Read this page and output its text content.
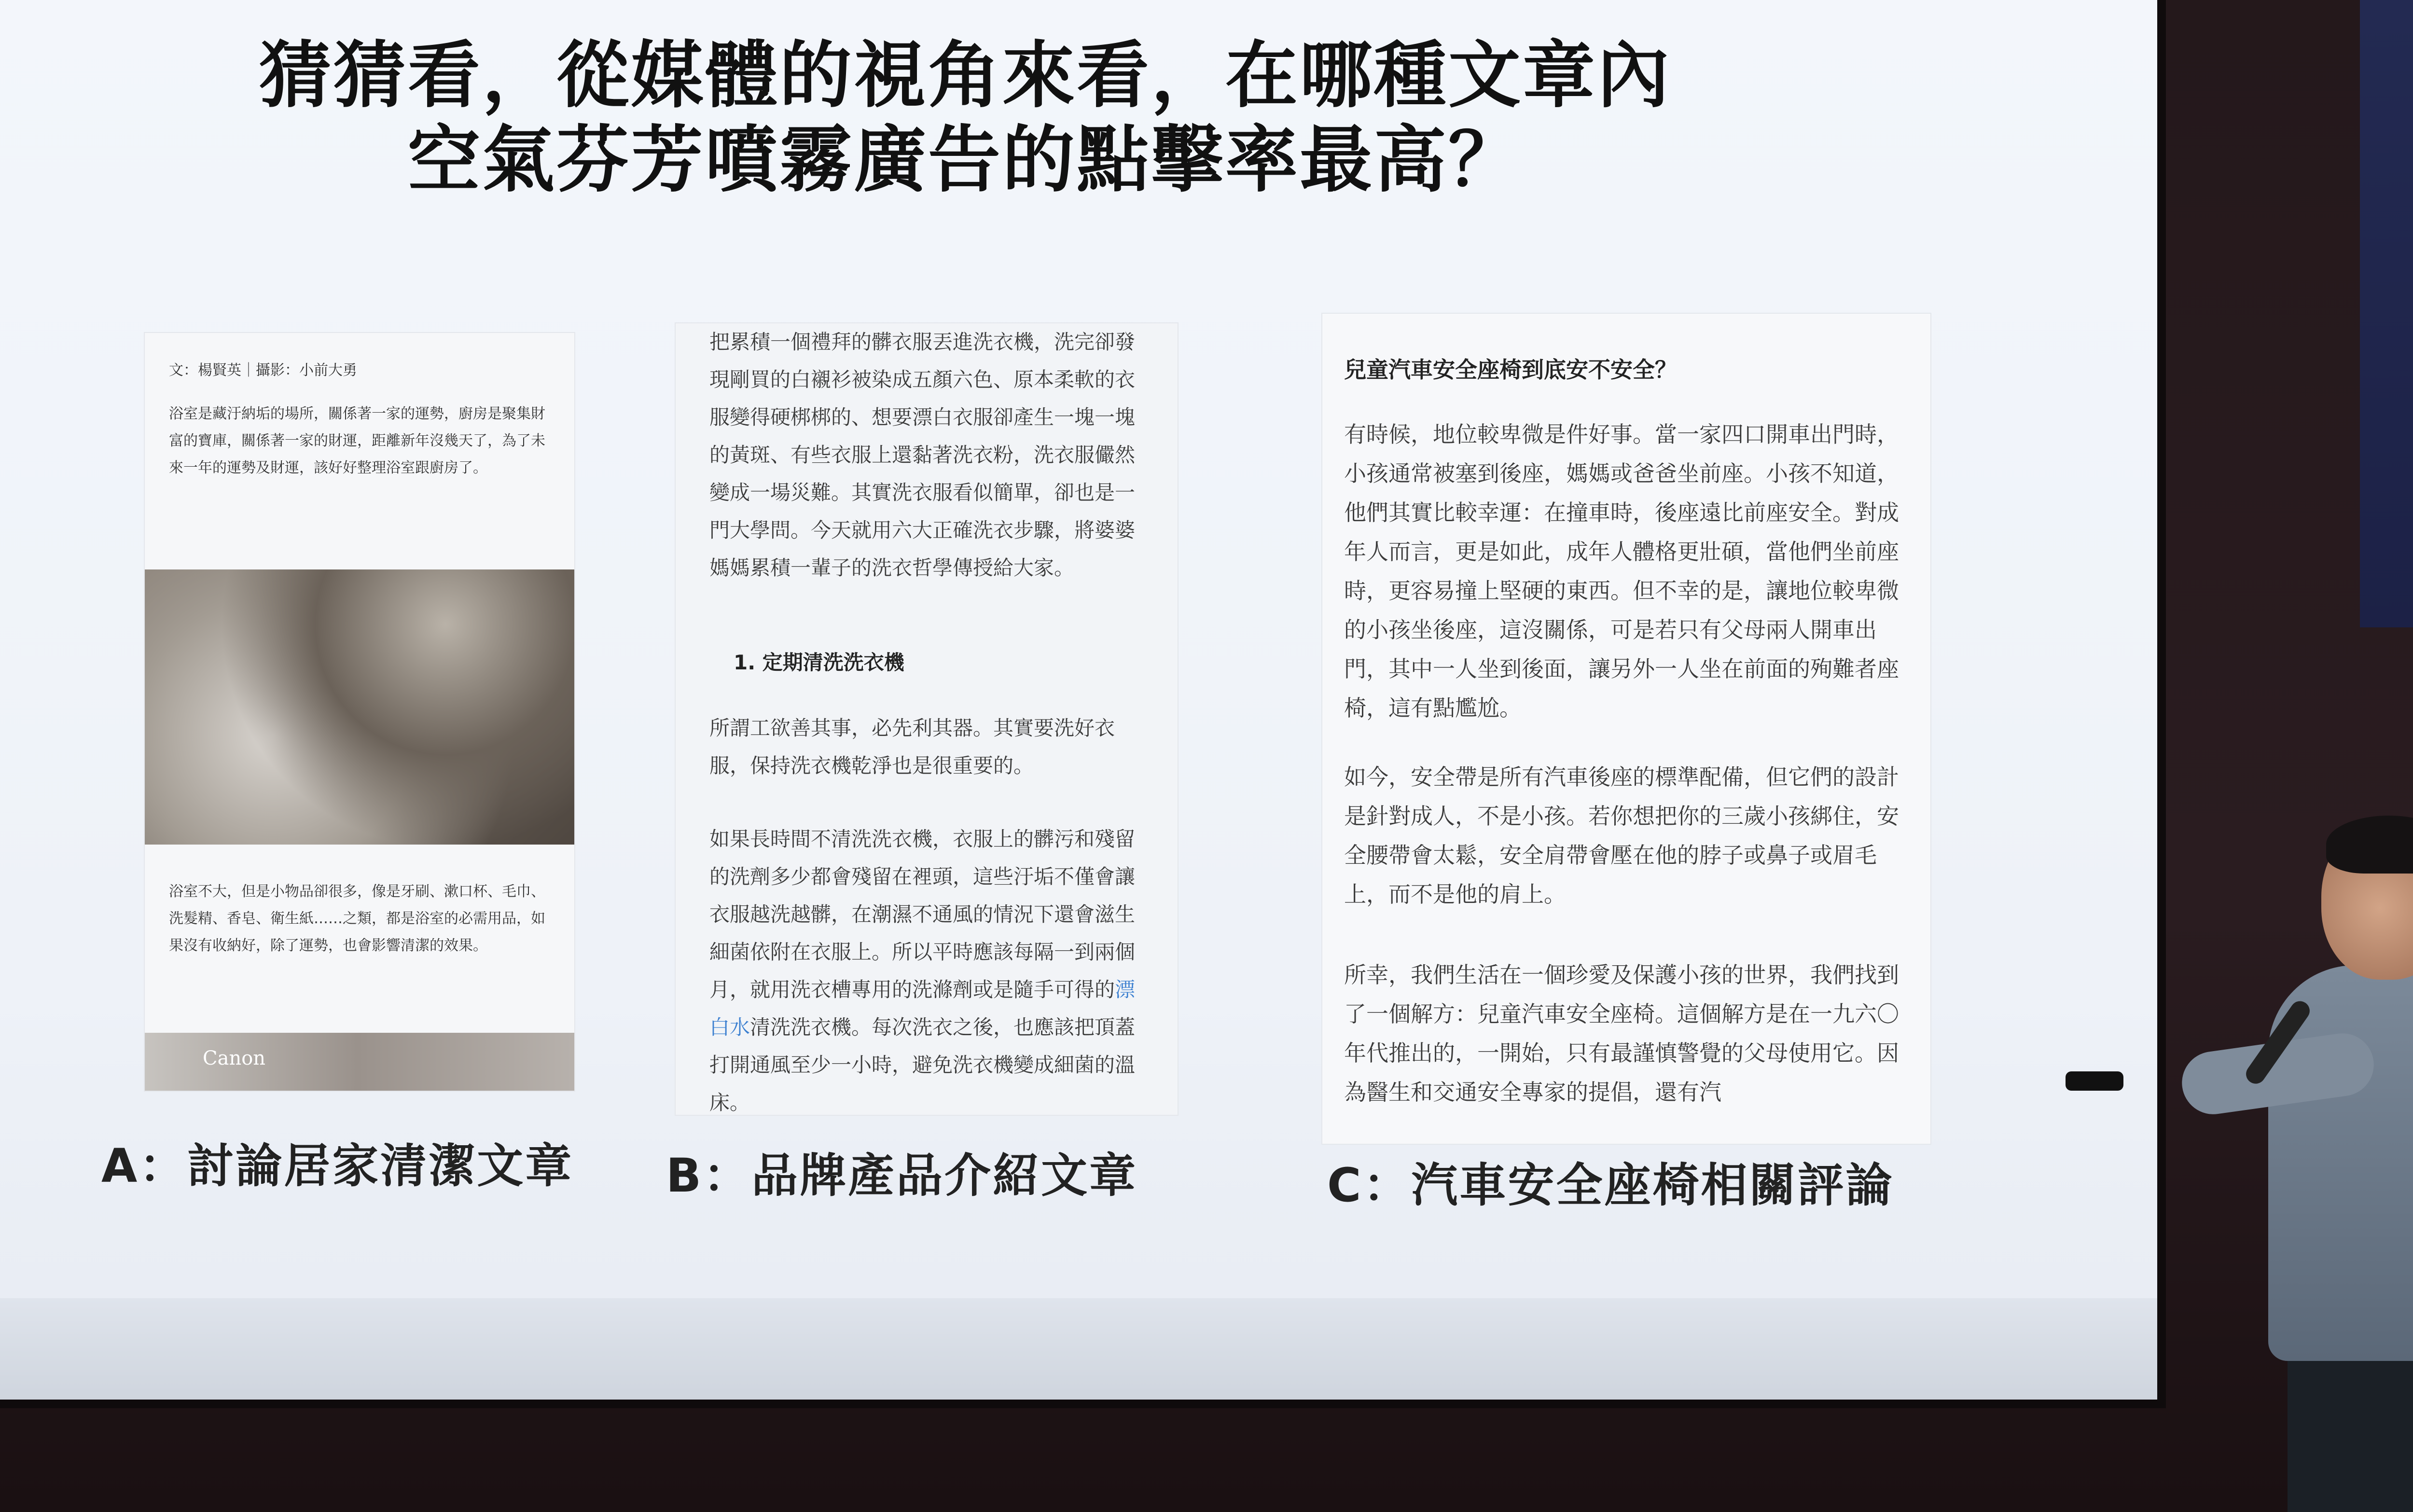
猜猜看，從媒體的視角來看，在哪種文章內
空氣芬芳噴霧廣告的點擊率最高？
文：楊賢英｜攝影：小前大勇
浴室是藏汙納垢的場所，關係著一家的運勢，廚房是聚集財富的寶庫，關係著一家的財運，距離新年沒幾天了，為了未來一年的運勢及財運，該好好整理浴室跟廚房了。
浴室不大，但是小物品卻很多，像是牙刷、漱口杯、毛巾、洗髮精、香皂、衛生紙……之類，都是浴室的必需用品，如果沒有收納好，除了運勢，也會影響清潔的效果。
Canon
把累積一個禮拜的髒衣服丟進洗衣機，洗完卻發現剛買的白襯衫被染成五顏六色、原本柔軟的衣服變得硬梆梆的、想要漂白衣服卻產生一塊一塊的黃斑、有些衣服上還黏著洗衣粉，洗衣服儼然變成一場災難。其實洗衣服看似簡單，卻也是一門大學問。今天就用六大正確洗衣步驟，將婆婆媽媽累積一輩子的洗衣哲學傳授給大家。
1. 定期清洗洗衣機
所謂工欲善其事，必先利其器。其實要洗好衣服，保持洗衣機乾淨也是很重要的。
如果長時間不清洗洗衣機，衣服上的髒污和殘留的洗劑多少都會殘留在裡頭，這些汙垢不僅會讓衣服越洗越髒，在潮濕不通風的情況下還會滋生細菌依附在衣服上。所以平時應該每隔一到兩個月，就用洗衣槽專用的洗滌劑或是隨手可得的漂白水清洗洗衣機。每次洗衣之後，也應該把頂蓋打開通風至少一小時，避免洗衣機變成細菌的溫床。
兒童汽車安全座椅到底安不安全？
有時候，地位較卑微是件好事。當一家四口開車出門時，小孩通常被塞到後座，媽媽或爸爸坐前座。小孩不知道，他們其實比較幸運：在撞車時，後座遠比前座安全。對成年人而言，更是如此，成年人體格更壯碩，當他們坐前座時，更容易撞上堅硬的東西。但不幸的是，讓地位較卑微的小孩坐後座，這沒關係，可是若只有父母兩人開車出門，其中一人坐到後面，讓另外一人坐在前面的殉難者座椅，這有點尷尬。
如今，安全帶是所有汽車後座的標準配備，但它們的設計是針對成人，不是小孩。若你想把你的三歲小孩綁住，安全腰帶會太鬆，安全肩帶會壓在他的脖子或鼻子或眉毛上，而不是他的肩上。
所幸，我們生活在一個珍愛及保護小孩的世界，我們找到了一個解方：兒童汽車安全座椅。這個解方是在一九六〇年代推出的，一開始，只有最謹慎警覺的父母使用它。因為醫生和交通安全專家的提倡，還有汽
A：討論居家清潔文章 B：品牌產品介紹文章	C：汽車安全座椅相關評論
